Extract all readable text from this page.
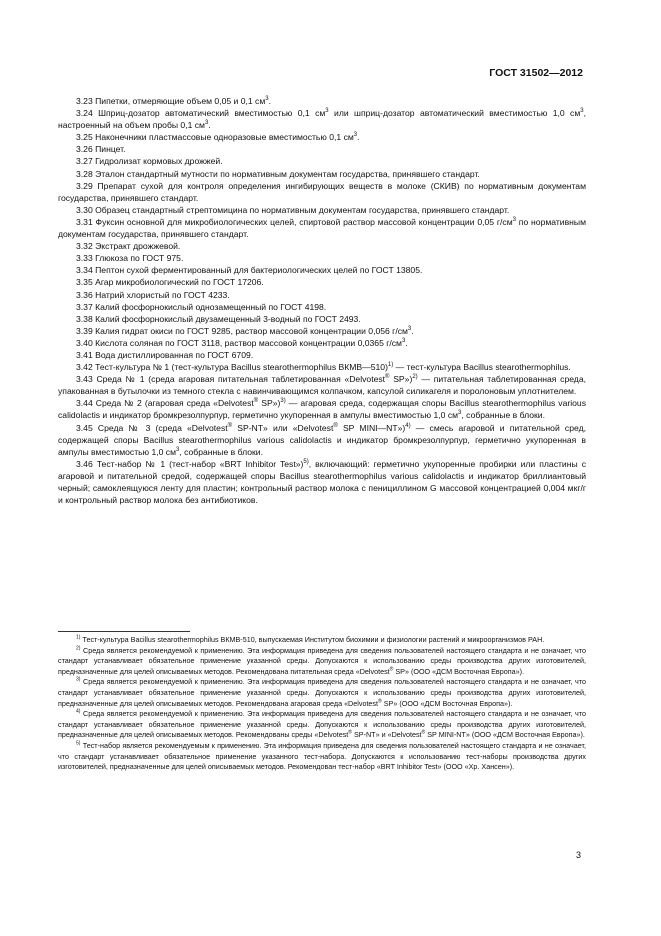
ГОСТ 31502—2012

3.23 Пипетки, отмеряющие объем 0,05 и 0,1 $см^3$.

3.24 Шприц-дозатор автоматический вместимостью 0,1 $см^3$ или шприц-дозатор автоматический вместимостью 1,0 $см^3$, настроенный на объем пробы 0,1 $см^3$.

3.25 Наконечники пластмассовые одноразовые вместимостью 0,1 $см^3$.

3.26 Пинцет.

3.27 Гидролизат кормовых дрожжей.

3.28 Эталон стандартный мутности по нормативным документам государства, принявшего стандарт.

3.29 Препарат сухой для контроля определения ингибирующих веществ в молоке (СКИВ) по нормативным документам государства, принявшего стандарт.

3.30 Образец стандартный стрептомицина по нормативным документам государства, принявшего стандарт.

3.31 Фуксин основной для микробиологических целей, спиртовой раствор массовой концентрации 0,05 $г/см^3$ по нормативным документам государства, принявшего стандарт.

3.32 Экстракт дрожжевой.

3.33 Глюкоза по ГОСТ 975.

3.34 Пептон сухой ферментированный для бактериологических целей по ГОСТ 13805.

3.35 Агар микробиологический по ГОСТ 17206.

3.36 Натрий хлористый по ГОСТ 4233.

3.37 Калий фосфорнокислый однозамещенный по ГОСТ 4198.

3.38 Калий фосфорнокислый двузамещенный 3-водный по ГОСТ 2493.

3.39 Калия гидрат окиси по ГОСТ 9285, раствор массовой концентрации 0,056 $г/см^3$.

3.40 Кислота соляная по ГОСТ 3118, раствор массовой концентрации 0,0365 $г/см^3$.

3.41 Вода дистиллированная по ГОСТ 6709.

3.42 Тест-культура № 1 (тест-культура Bacillus stearothermophilus ВКМВ—510)$^{1)}$ — тест-культура Bacillus stearothermophilus.

3.43 Среда № 1 (среда агаровая питательная таблетированная «Delvotest® SP»)$^{2)}$ — питательная таблетированная среда, упакованная в бутылочки из темного стекла с навинчивающимся колпачком, капсулой силикагеля и поролоновым уплотнителем.

3.44 Среда № 2 (агаровая среда «Delvotest® SP»)$^{3)}$ — агаровая среда, содержащая споры Bacillus stearothermophilus various calidolactis и индикатор бромкрезолпурпур, герметично укупоренная в ампулы вместимостью 1,0 $см^3$, собранные в блоки.

3.45 Среда № 3 (среда «Delvotest® SP-NT» или «Delvotest® SP MINI—NT»)$^{4)}$ — смесь агаровой и питательной сред, содержащей споры Bacillus stearothermophilus various calidolactis и индикатор бромкрезолпурпур, герметично укупоренная в ампулы вместимостью 1,0 $см^3$, собранные в блоки.

3.46 Тест-набор № 1 (тест-набор «BRT Inhibitor Test»)$^{5)}$, включающий: герметично укупоренные пробирки или пластины с агаровой и питательной средой, содержащей споры Bacillus stearothermophilus various calidolactis и индикатор бриллиантовый черный; самоклеящуюся ленту для пластин; контрольный раствор молока с пенициллином G массовой концентрацией 0,004 мкг/г и контрольный раствор молока без антибиотиков.

$^{1)}$ Тест-культура Bacillus stearothermophilus ВКМВ-510, выпускаемая Институтом биохимии и физиологии растений и микроорганизмов РАН.

$^{2)}$ Среда является рекомендуемой к применению. Эта информация приведена для сведения пользователей настоящего стандарта и не означает, что стандарт устанавливает обязательное применение указанной среды. Допускаются к использованию среды производства других изготовителей, предназначенные для целей описываемых методов. Рекомендована питательная среда «Delvotest® SP» (ООО «ДСМ Восточная Европа»).

$^{3)}$ Среда является рекомендуемой к применению. Эта информация приведена для сведения пользователей настоящего стандарта и не означает, что стандарт устанавливает обязательное применение указанной среды. Допускаются к использованию среды производства других изготовителей, предназначенные для целей описываемых методов. Рекомендована агаровая среда «Delvotest® SP» (ООО «ДСМ Восточная Европа»).

$^{4)}$ Среда является рекомендуемой к применению. Эта информация приведена для сведения пользователей настоящего стандарта и не означает, что стандарт устанавливает обязательное применение указанной среды. Допускаются к использованию среды производства других изготовителей, предназначенные для целей описываемых методов. Рекомендованы среды «Delvotest® SP-NT» и «Delvotest® SP MINI-NT» (ООО «ДСМ Восточная Европа»).

$^{5)}$ Тест-набор является рекомендуемым к применению. Эта информация приведена для сведения пользователей настоящего стандарта и не означает, что стандарт устанавливает обязательное применение указанного тест-набора. Допускаются к использованию тест-наборы производства других изготовителей, предназначенные для целей описываемых методов. Рекомендован тест-набор «BRT Inhibitor Test» (ООО «Хр. Хансен»).

3
